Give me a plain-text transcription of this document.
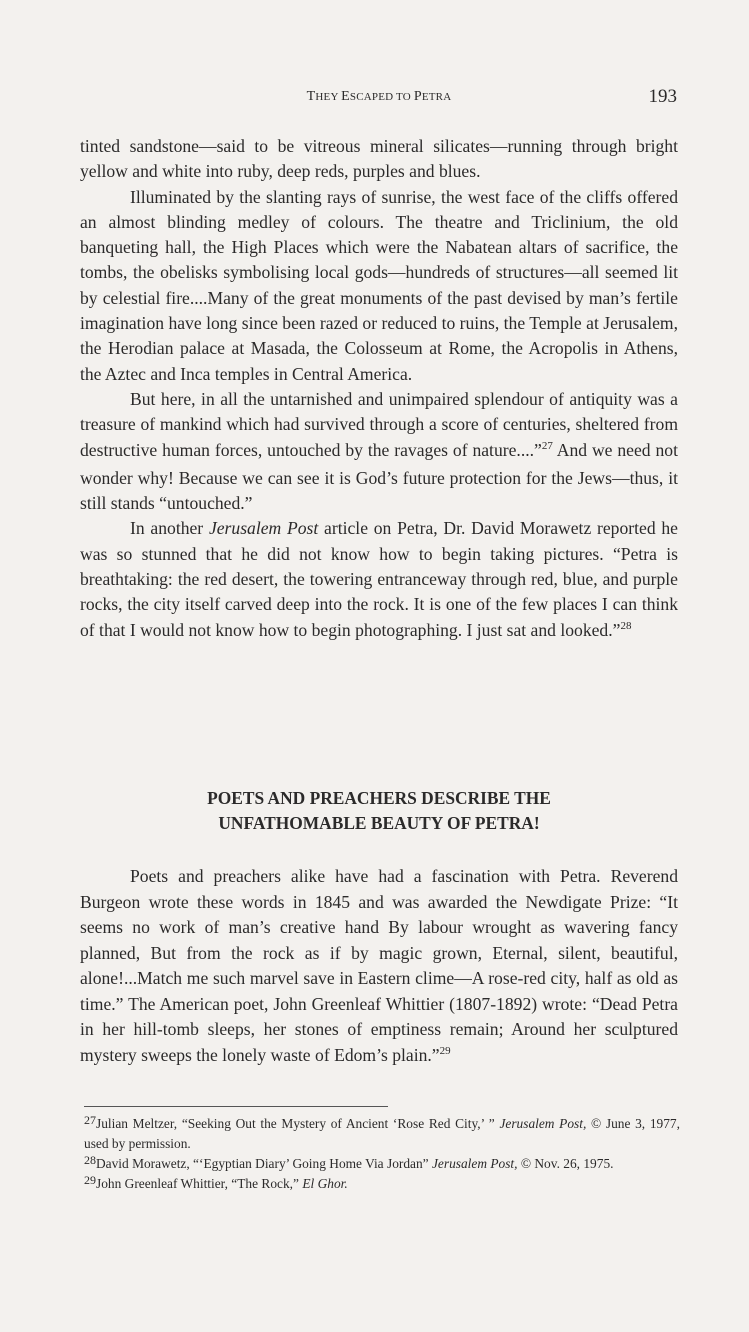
THEY ESCAPED TO PETRA	193

tinted sandstone—said to be vitreous mineral silicates—running through bright yellow and white into ruby, deep reds, purples and blues.

Illuminated by the slanting rays of sunrise, the west face of the cliffs offered an almost blinding medley of colours. The theatre and Triclinium, the old banqueting hall, the High Places which were the Nabatean altars of sacrifice, the tombs, the obelisks symbolising local gods—hundreds of structures—all seemed lit by celestial fire....Many of the great monuments of the past devised by man’s fertile imagination have long since been razed or reduced to ruins, the Temple at Jerusalem, the Herodian palace at Masada, the Colosseum at Rome, the Acropolis in Athens, the Aztec and Inca temples in Central America.

But here, in all the untarnished and unimpaired splendour of antiquity was a treasure of mankind which had survived through a score of centuries, sheltered from destructive human forces, untouched by the ravages of nature....”$^{27}$ And we need not wonder why! Because we can see it is God’s future protection for the Jews—thus, it still stands “untouched.”

In another Jerusalem Post article on Petra, Dr. David Morawetz reported he was so stunned that he did not know how to begin taking pictures. “Petra is breathtaking: the red desert, the towering entranceway through red, blue, and purple rocks, the city itself carved deep into the rock. It is one of the few places I can think of that I would not know how to begin photographing. I just sat and looked.”$^{28}$

POETS AND PREACHERS DESCRIBE THE
UNFATHOMABLE BEAUTY OF PETRA!

Poets and preachers alike have had a fascination with Petra. Reverend Burgeon wrote these words in 1845 and was awarded the Newdigate Prize: “It seems no work of man’s creative hand By labour wrought as wavering fancy planned, But from the rock as if by magic grown, Eternal, silent, beautiful, alone!...Match me such marvel save in Eastern clime—A rose-red city, half as old as time.” The American poet, John Greenleaf Whittier (1807-1892) wrote: “Dead Petra in her hill-tomb sleeps, her stones of emptiness remain; Around her sculptured mystery sweeps the lonely waste of Edom’s plain.”$^{29}$

$^{27}$Julian Meltzer, “Seeking Out the Mystery of Ancient ‘Rose Red City,’ ” Jerusalem Post, © June 3, 1977, used by permission.

$^{28}$David Morawetz, “‘Egyptian Diary’ Going Home Via Jordan” Jerusalem Post, © Nov. 26, 1975.

$^{29}$John Greenleaf Whittier, “The Rock,” El Ghor.
